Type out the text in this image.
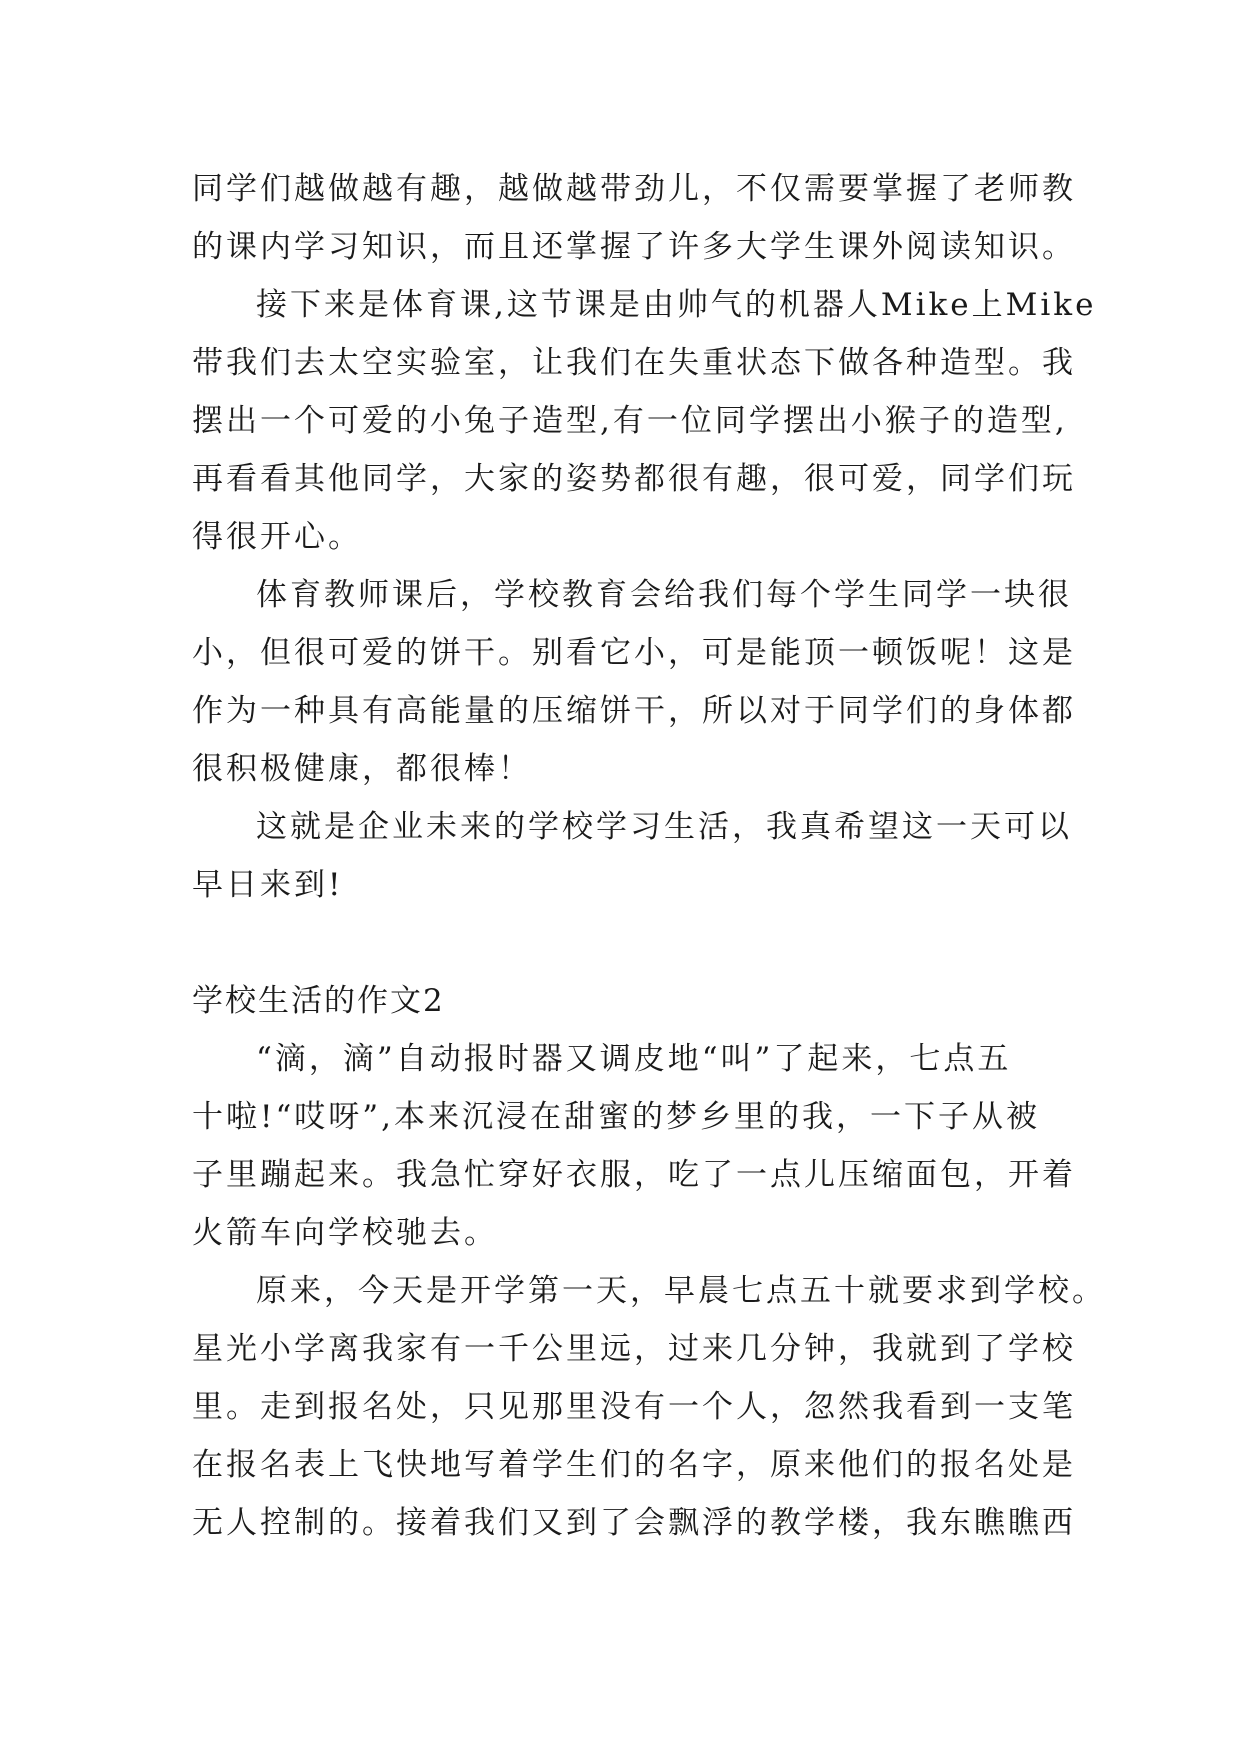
同学们越做越有趣，越做越带劲儿，不仅需要掌握了老师教
的课内学习知识，而且还掌握了许多大学生课外阅读知识。
接下来是体育课,这节课是由帅气的机器人Mike上Mike
带我们去太空实验室，让我们在失重状态下做各种造型。我
摆出一个可爱的小兔子造型,有一位同学摆出小猴子的造型,
再看看其他同学，大家的姿势都很有趣，很可爱，同学们玩
得很开心。
体育教师课后，学校教育会给我们每个学生同学一块很
小，但很可爱的饼干。别看它小，可是能顶一顿饭呢！这是
作为一种具有高能量的压缩饼干，所以对于同学们的身体都
很积极健康，都很棒！
这就是企业未来的学校学习生活，我真希望这一天可以
早日来到!
学校生活的作文2
“滴，滴”自动报时器又调皮地“叫”了起来，七点五
十啦!“哎呀”,本来沉浸在甜蜜的梦乡里的我，一下子从被
子里蹦起来。我急忙穿好衣服，吃了一点儿压缩面包，开着
火箭车向学校驰去。
原来，今天是开学第一天，早晨七点五十就要求到学校。
星光小学离我家有一千公里远，过来几分钟，我就到了学校
里。走到报名处，只见那里没有一个人，忽然我看到一支笔
在报名表上飞快地写着学生们的名字，原来他们的报名处是
无人控制的。接着我们又到了会飘浮的教学楼，我东瞧瞧西
